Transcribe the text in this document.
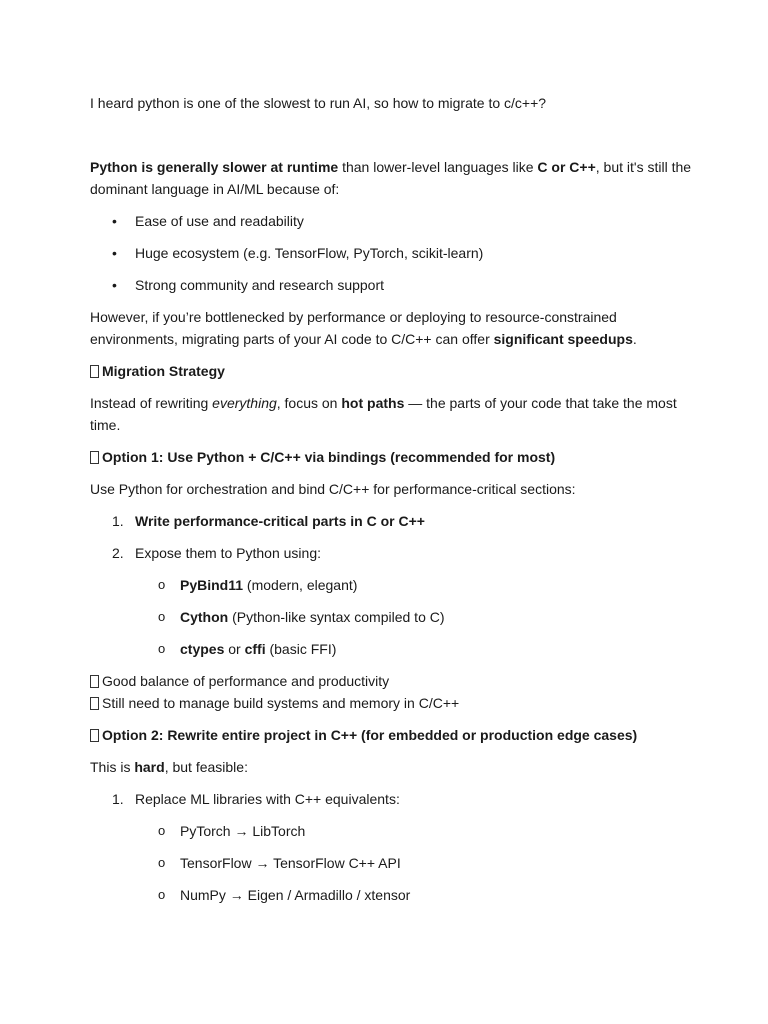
I heard python is one of the slowest to run AI, so how to migrate to c/c++?
Python is generally slower at runtime than lower-level languages like C or C++, but it's still the
dominant language in AI/ML because of:
• Ease of use and readability
• Huge ecosystem (e.g. TensorFlow, PyTorch, scikit-learn)
• Strong community and research support
However, if you’re bottlenecked by performance or deploying to resource-constrained
environments, migrating parts of your AI code to C/C++ can offer significant speedups.
Migration Strategy
Instead of rewriting everything, focus on hot paths — the parts of your code that take the most
time.
Option 1: Use Python + C/C++ via bindings (recommended for most)
Use Python for orchestration and bind C/C++ for performance-critical sections:
1. Write performance-critical parts in C or C++
2. Expose them to Python using:
o PyBind11 (modern, elegant)
o Cython (Python-like syntax compiled to C)
o ctypes or cffi (basic FFI)
Good balance of performance and productivity
Still need to manage build systems and memory in C/C++
Option 2: Rewrite entire project in C++ (for embedded or production edge cases)
This is hard, but feasible:
1. Replace ML libraries with C++ equivalents:
o PyTorch → LibTorch
o TensorFlow → TensorFlow C++ API
o NumPy → Eigen / Armadillo / xtensor
